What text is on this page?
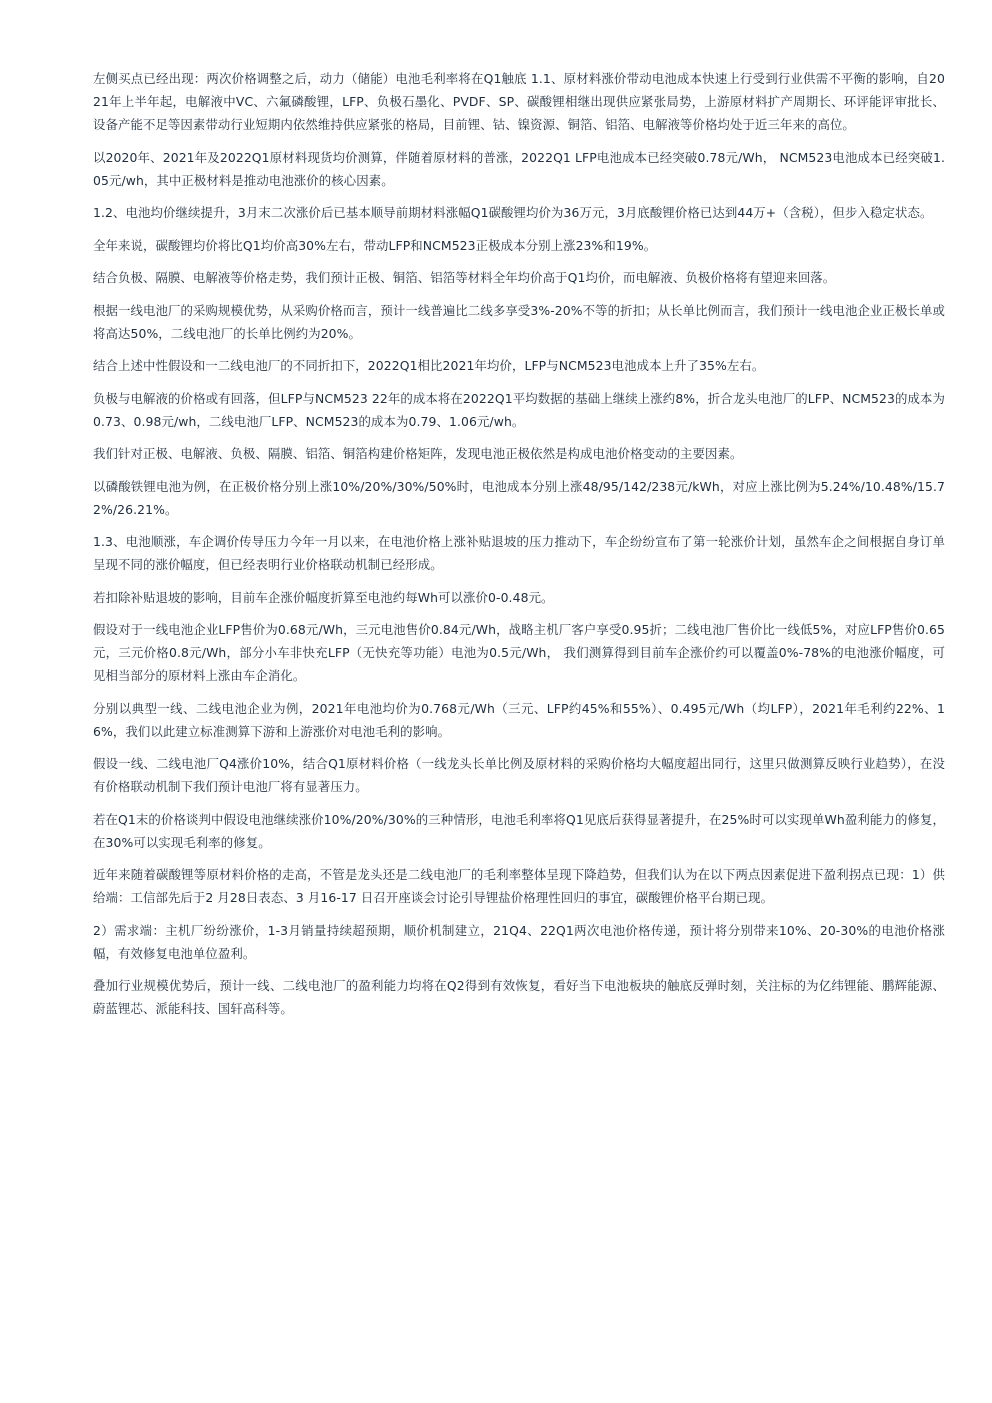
左侧买点已经出现：两次价格调整之后，动力（储能）电池毛利率将在Q1触底 1.1、原材料涨价带动电池成本快速上行受到行业供需不平衡的影响，自2021年上半年起，电解液中VC、六氟磷酸锂，LFP、负极石墨化、PVDF、SP、碳酸锂相继出现供应紧张局势，上游原材料扩产周期长、环评能评审批长、设备产能不足等因素带动行业短期内依然维持供应紧张的格局，目前锂、钴、镍资源、铜箔、铝箔、电解液等价格均处于近三年来的高位。

以2020年、2021年及2022Q1原材料现货均价测算，伴随着原材料的普涨，2022Q1 LFP电池成本已经突破0.78元/Wh， NCM523电池成本已经突破1.05元/wh，其中正极材料是推动电池涨价的核心因素。

1.2、电池均价继续提升，3月末二次涨价后已基本顺导前期材料涨幅Q1碳酸锂均价为36万元，3月底酸锂价格已达到44万+（含税），但步入稳定状态。

全年来说，碳酸锂均价将比Q1均价高30%左右，带动LFP和NCM523正极成本分别上涨23%和19%。

结合负极、隔膜、电解液等价格走势，我们预计正极、铜箔、铝箔等材料全年均价高于Q1均价，而电解液、负极价格将有望迎来回落。

根据一线电池厂的采购规模优势，从采购价格而言，预计一线普遍比二线多享受3%-20%不等的折扣；从长单比例而言，我们预计一线电池企业正极长单或将高达50%，二线电池厂的长单比例约为20%。

结合上述中性假设和一二线电池厂的不同折扣下，2022Q1相比2021年均价，LFP与NCM523电池成本上升了35%左右。

负极与电解液的价格或有回落，但LFP与NCM523 22年的成本将在2022Q1平均数据的基础上继续上涨约8%，折合龙头电池厂的LFP、NCM523的成本为0.73、0.98元/wh，二线电池厂LFP、NCM523的成本为0.79、1.06元/wh。

我们针对正极、电解液、负极、隔膜、铝箔、铜箔构建价格矩阵，发现电池正极依然是构成电池价格变动的主要因素。

以磷酸铁锂电池为例，在正极价格分别上涨10%/20%/30%/50%时，电池成本分别上涨48/95/142/238元/kWh，对应上涨比例为5.24%/10.48%/15.72%/26.21%。

1.3、电池顺涨，车企调价传导压力今年一月以来，在电池价格上涨补贴退坡的压力推动下，车企纷纷宣布了第一轮涨价计划，虽然车企之间根据自身订单呈现不同的涨价幅度，但已经表明行业价格联动机制已经形成。

若扣除补贴退坡的影响，目前车企涨价幅度折算至电池约每Wh可以涨价0-0.48元。

假设对于一线电池企业LFP售价为0.68元/Wh，三元电池售价0.84元/Wh，战略主机厂客户享受0.95折；二线电池厂售价比一线低5%，对应LFP售价0.65元，三元价格0.8元/Wh，部分小车非快充LFP（无快充等功能）电池为0.5元/Wh， 我们测算得到目前车企涨价约可以覆盖0%-78%的电池涨价幅度，可见相当部分的原材料上涨由车企消化。

分别以典型一线、二线电池企业为例，2021年电池均价为0.768元/Wh（三元、LFP约45%和55%）、0.495元/Wh（均LFP），2021年毛利约22%、16%，我们以此建立标准测算下游和上游涨价对电池毛利的影响。

假设一线、二线电池厂Q4涨价10%，结合Q1原材料价格（一线龙头长单比例及原材料的采购价格均大幅度超出同行，这里只做测算反映行业趋势），在没有价格联动机制下我们预计电池厂将有显著压力。

若在Q1末的价格谈判中假设电池继续涨价10%/20%/30%的三种情形，电池毛利率将Q1见底后获得显著提升，在25%时可以实现单Wh盈利能力的修复，在30%可以实现毛利率的修复。

近年来随着碳酸锂等原材料价格的走高，不管是龙头还是二线电池厂的毛利率整体呈现下降趋势，但我们认为在以下两点因素促进下盈利拐点已现：1）供给端：工信部先后于2 月28日表态、3 月16-17 日召开座谈会讨论引导锂盐价格理性回归的事宜，碳酸锂价格平台期已现。

2）需求端：主机厂纷纷涨价，1-3月销量持续超预期，顺价机制建立，21Q4、22Q1两次电池价格传递，预计将分别带来10%、20-30%的电池价格涨幅，有效修复电池单位盈利。

叠加行业规模优势后，预计一线、二线电池厂的盈利能力均将在Q2得到有效恢复，看好当下电池板块的触底反弹时刻，关注标的为亿纬锂能、鹏辉能源、蔚蓝锂芯、派能科技、国轩高科等。
